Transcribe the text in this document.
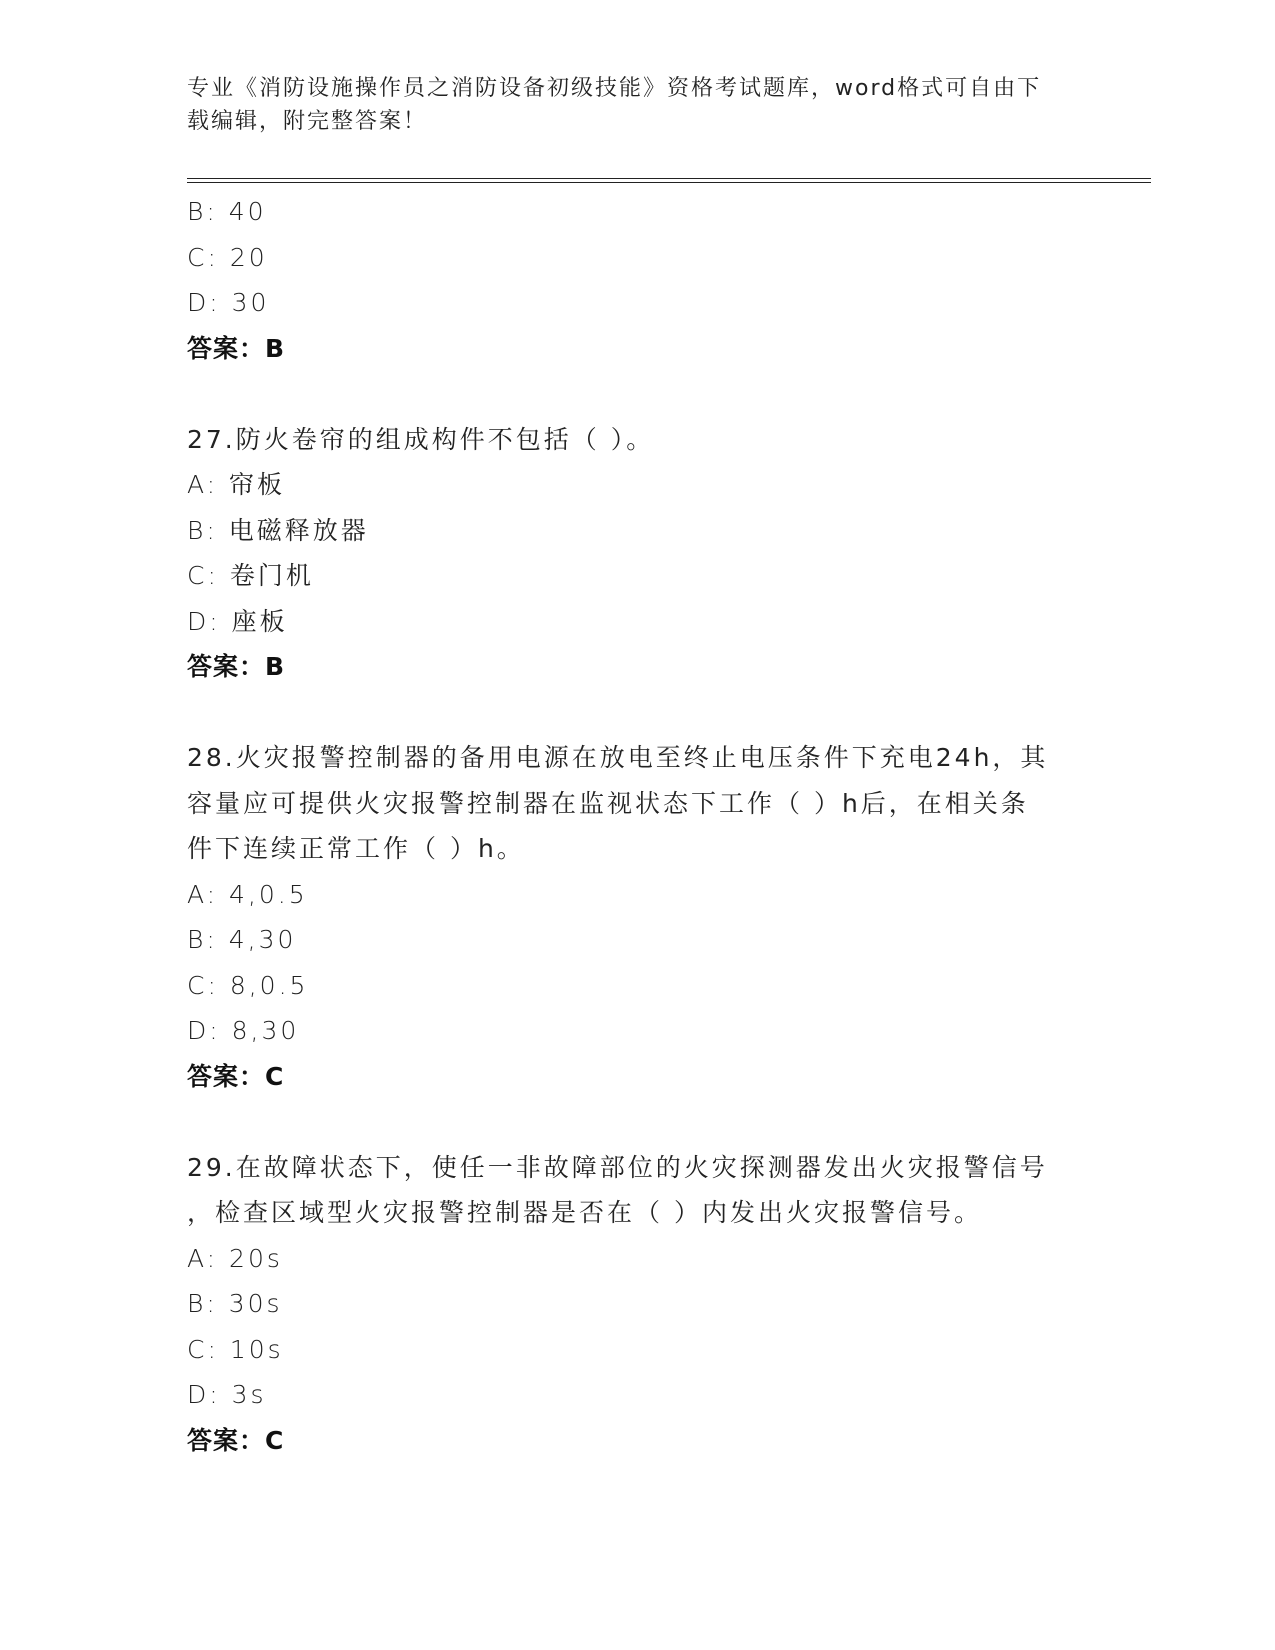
专业《消防设施操作员之消防设备初级技能》资格考试题库，word格式可自由下
载编辑，附完整答案！
B: 40
C: 20
D: 30
答案：B
27.防火卷帘的组成构件不包括（ ）。
A: 帘板
B: 电磁释放器
C: 卷门机
D: 座板
答案：B
28.火灾报警控制器的备用电源在放电至终止电压条件下充电24h，其
容量应可提供火灾报警控制器在监视状态下工作（ ）h后，在相关条
件下连续正常工作（ ）h。
A: 4,0.5
B: 4,30
C: 8,0.5
D: 8,30
答案：C
29.在故障状态下，使任一非故障部位的火灾探测器发出火灾报警信号
，检查区域型火灾报警控制器是否在（ ）内发出火灾报警信号。
A: 20s
B: 30s
C: 10s
D: 3s
答案：C
